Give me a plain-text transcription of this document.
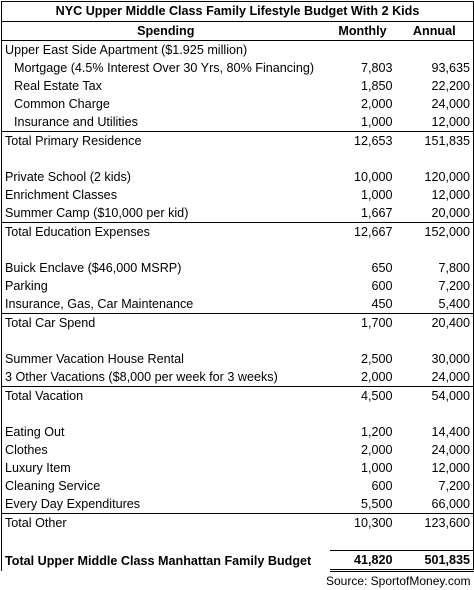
NYC Upper Middle Class Family Lifestyle Budget With 2 Kids		
Spending	Monthly	Annual
Upper East Side Apartment ($1.925 million)		
Mortgage (4.5% Interest Over 30 Yrs, 80% Financing)	7,803	93,635
Real Estate Tax	1,850	22,200
Common Charge	2,000	24,000
Insurance and Utilities	1,000	12,000
Total Primary Residence	12,653	151,835

Private School (2 kids)	10,000	120,000
Enrichment Classes	1,000	12,000
Summer Camp ($10,000 per kid)	1,667	20,000
Total Education Expenses	12,667	152,000

Buick Enclave ($46,000 MSRP)	650	7,800
Parking	600	7,200
Insurance, Gas, Car Maintenance	450	5,400
Total Car Spend	1,700	20,400

Summer Vacation House Rental	2,500	30,000
3 Other Vacations ($8,000 per week for 3 weeks)	2,000	24,000
Total Vacation	4,500	54,000

Eating Out	1,200	14,400
Clothes	2,000	24,000
Luxury Item	1,000	12,000
Cleaning Service	600	7,200
Every Day Expenditures	5,500	66,000
Total Other	10,300	123,600

Total Upper Middle Class Manhattan Family Budget	41,820	501,835
Source: SportofMoney.com		
